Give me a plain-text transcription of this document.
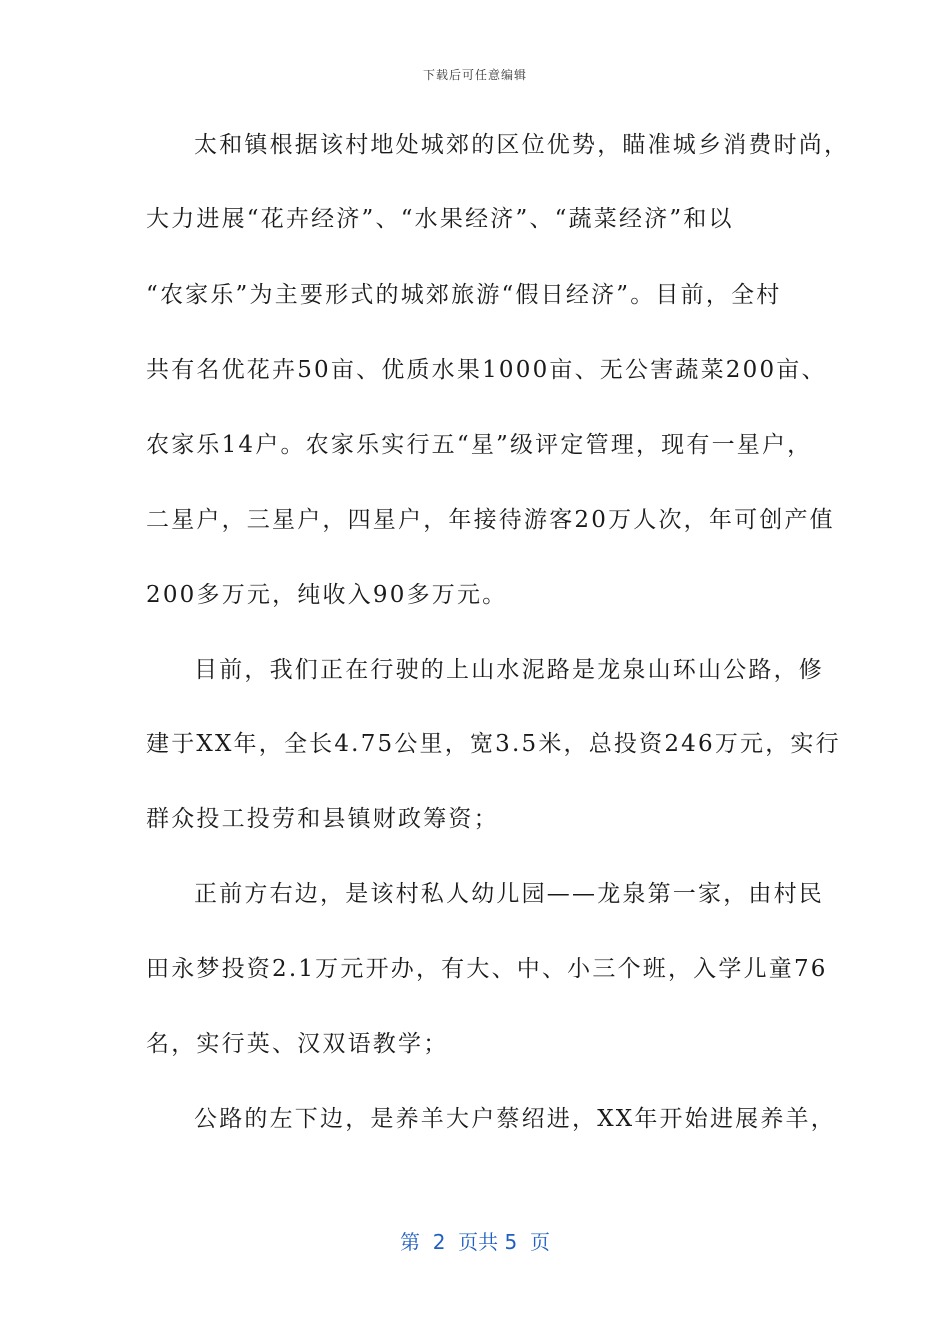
下载后可任意编辑
太和镇根据该村地处城郊的区位优势，瞄准城乡消费时尚，
大力进展“花卉经济”、“水果经济”、“蔬菜经济”和以
“农家乐”为主要形式的城郊旅游“假日经济”。目前，全村
共有名优花卉50亩、优质水果1000亩、无公害蔬菜200亩、
农家乐14户。农家乐实行五“星”级评定管理，现有一星户，
二星户，三星户，四星户，年接待游客20万人次，年可创产值
200多万元，纯收入90多万元。
目前，我们正在行驶的上山水泥路是龙泉山环山公路，修
建于XX年，全长4.75公里，宽3.5米，总投资246万元，实行
群众投工投劳和县镇财政筹资；
正前方右边，是该村私人幼儿园——龙泉第一家，由村民
田永梦投资2.1万元开办，有大、中、小三个班，入学儿童76
名，实行英、汉双语教学；
公路的左下边，是养羊大户蔡绍进，XX年开始进展养羊，
第  2  页共 5  页
